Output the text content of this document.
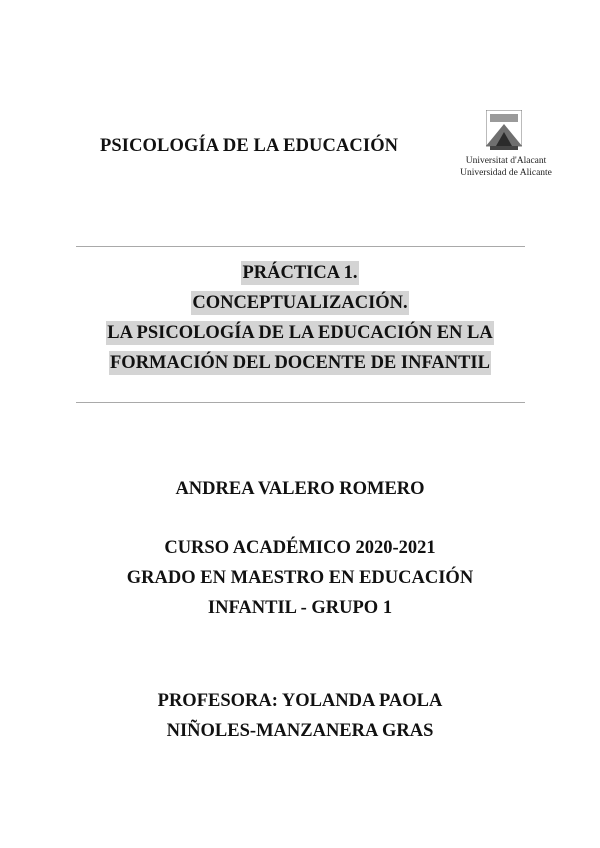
PSICOLOGÍA DE LA EDUCACIÓN
Universitat d'Alacant
Universidad de Alicante
PRÁCTICA 1.
CONCEPTUALIZACIÓN.
LA PSICOLOGÍA DE LA EDUCACIÓN EN LA
FORMACIÓN DEL DOCENTE DE INFANTIL
ANDREA VALERO ROMERO
CURSO ACADÉMICO 2020-2021
GRADO EN MAESTRO EN EDUCACIÓN
INFANTIL - GRUPO 1
PROFESORA: YOLANDA PAOLA
NIÑOLES-MANZANERA GRAS
